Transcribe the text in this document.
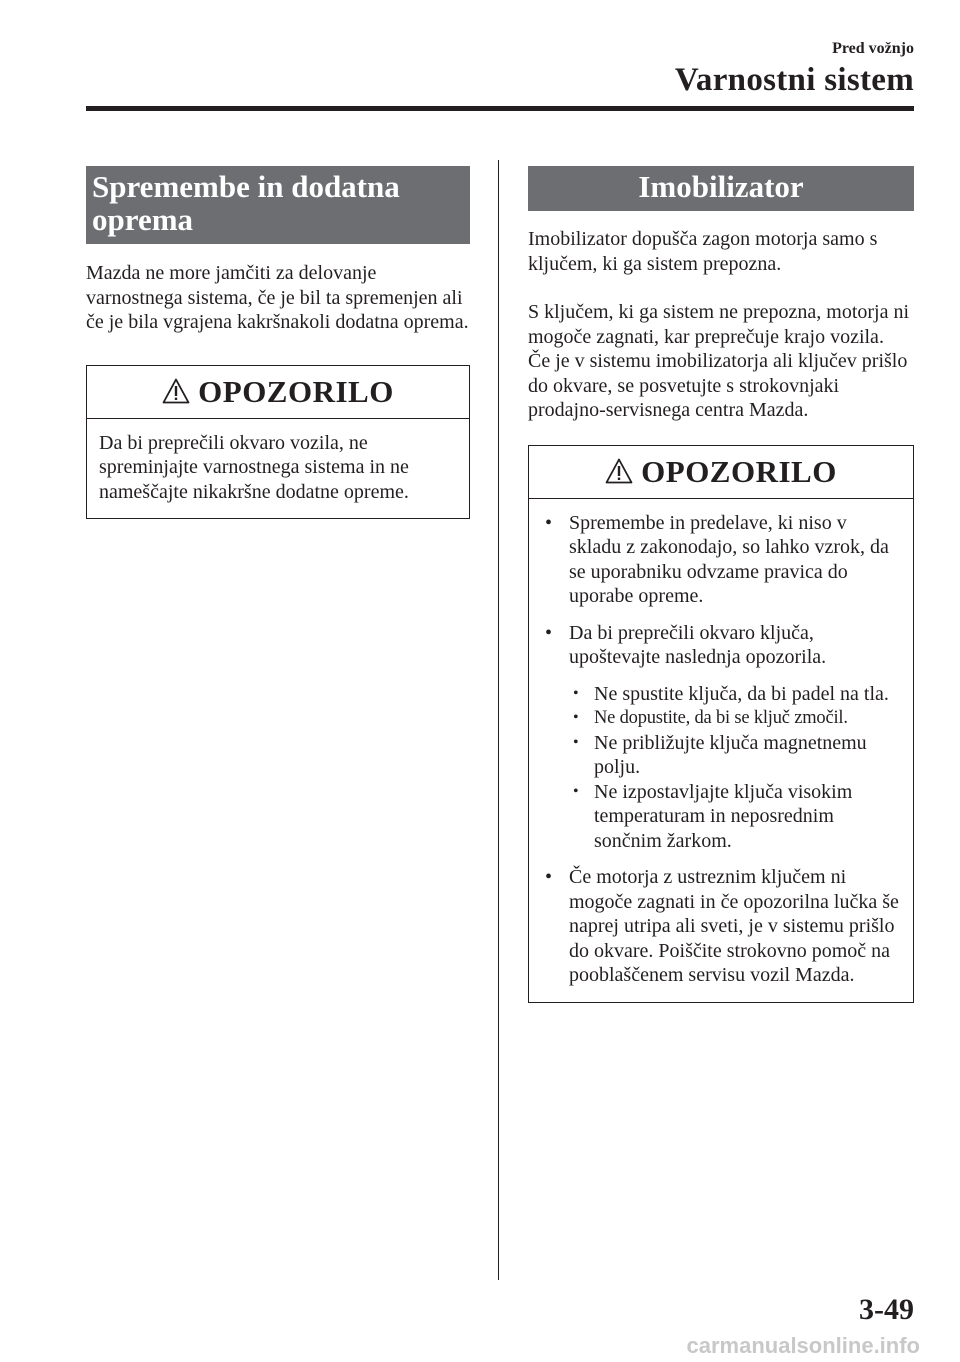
Pred vožnjo
Varnostni sistem
Spremembe in dodatna
oprema

Mazda ne more jamčiti za delovanje varnostnega sistema, če je bil ta spremenjen ali če je bila vgrajena kakršnakoli dodatna oprema.

OPOZORILO
Da bi preprečili okvaro vozila, ne spreminjajte varnostnega sistema in ne nameščajte nikakršne dodatne opreme.
Imobilizator

Imobilizator dopušča zagon motorja samo s ključem, ki ga sistem prepozna.

S ključem, ki ga sistem ne prepozna, motorja ni mogoče zagnati, kar preprečuje krajo vozila.
Če je v sistemu imobilizatorja ali ključev prišlo do okvare, se posvetujte s strokovnjaki prodajno-servisnega centra Mazda.

OPOZORILO
• Spremembe in predelave, ki niso v skladu z zakonodajo, so lahko vzrok, da se uporabniku odvzame pravica do uporabe opreme.
• Da bi preprečili okvaro ključa, upoštevajte naslednja opozorila.
• Ne spustite ključa, da bi padel na tla.
• Ne dopustite, da bi se ključ zmočil.
• Ne približujte ključa magnetnemu polju.
• Ne izpostavljajte ključa visokim temperaturam in neposrednim sončnim žarkom.
• Če motorja z ustreznim ključem ni mogoče zagnati in če opozorilna lučka še naprej utripa ali sveti, je v sistemu prišlo do okvare. Poiščite strokovno pomoč na pooblaščenem servisu vozil Mazda.
3-49
carmanualsonline.info
